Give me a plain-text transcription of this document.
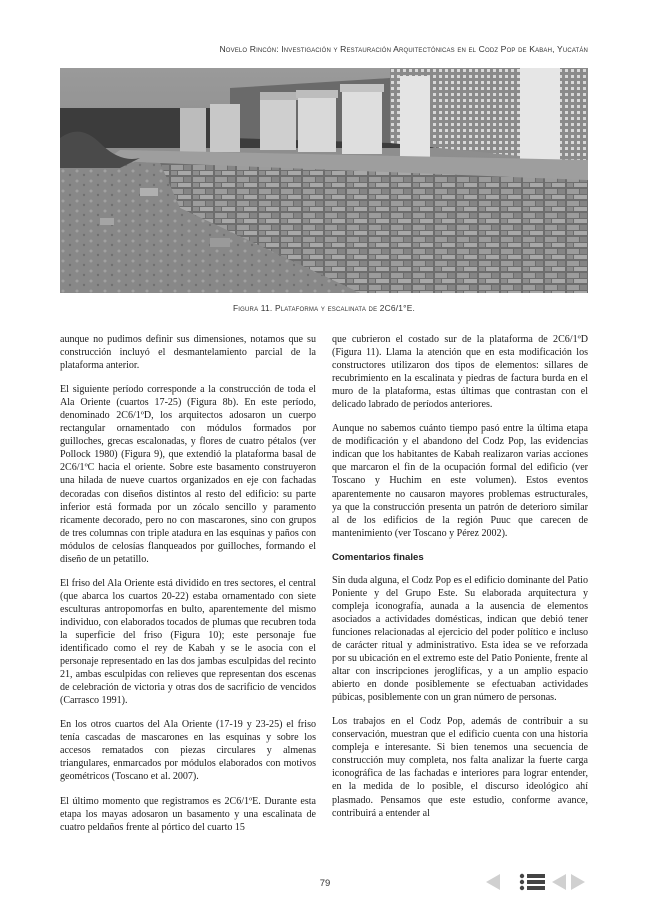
Novelo Rincón: Investigación y Restauración Arquitectónicas en el Codz Pop de Kabah, Yucatán
Figura 11. Plataforma y escalinata de 2C6/1°E.

aunque no pudimos definir sus dimensiones, notamos que su construcción incluyó el desmantelamiento parcial de la plataforma anterior.

El siguiente período corresponde a la construcción de toda el Ala Oriente (cuartos 17-25) (Figura 8b). En este período, denominado 2C6/1ºD, los arquitectos adosaron un cuerpo rectangular ornamentado con módulos formados por guilloches, grecas escalonadas, y flores de cuatro pétalos (ver Pollock 1980) (Figura 9), que extendió la plataforma basal de 2C6/1ºC hacia el oriente. Sobre este basamento construyeron una hilada de nueve cuartos organizados en eje con fachadas decoradas con diseños distintos al resto del edificio: su parte inferior está formada por un zócalo sencillo y paramento ricamente decorado, pero no con mascarones, sino con grupos de tres columnas con triple atadura en las esquinas y paños con módulos de celosías flanqueados por guilloches, formando el diseño de un petatillo.

El friso del Ala Oriente está dividido en tres sectores, el central (que abarca los cuartos 20-22) estaba ornamentado con siete esculturas antropomorfas en bulto, aparentemente del mismo individuo, con elaborados tocados de plumas que recubren toda la superficie del friso (Figura 10); este personaje fue identificado como el rey de Kabah y se le asocia con el personaje representado en las dos jambas esculpidas del recinto 21, ambas esculpidas con relieves que representan dos escenas de celebración de victoria y otras dos de sacrificio de vencidos (Carrasco 1991).

En los otros cuartos del Ala Oriente (17-19 y 23-25) el friso tenía cascadas de mascarones en las esquinas y sobre los accesos rematados con piezas circulares y almenas triangulares, enmarcados por módulos elaborados con motivos geométricos (Toscano et al. 2007).

El último momento que registramos es 2C6/1ºE. Durante esta etapa los mayas adosaron un basamento y una escalinata de cuatro peldaños frente al pórtico del cuarto 15

que cubrieron el costado sur de la plataforma de 2C6/1ºD (Figura 11). Llama la atención que en esta modificación los constructores utilizaron dos tipos de elementos: sillares de recubrimiento en la escalinata y piedras de factura burda en el muro de la plataforma, estas últimas que contrastan con el delicado labrado de períodos anteriores.

Aunque no sabemos cuánto tiempo pasó entre la última etapa de modificación y el abandono del Codz Pop, las evidencias indican que los habitantes de Kabah realizaron varias acciones que marcaron el fin de la ocupación formal del edificio (ver Toscano y Huchim en este volumen). Estos eventos aparentemente no causaron mayores problemas estructurales, ya que la construcción presenta un patrón de deterioro similar al de los edificios de la región Puuc que carecen de mantenimiento (ver Toscano y Pérez 2002).

Comentarios finales

Sin duda alguna, el Codz Pop es el edificio dominante del Patio Poniente y del Grupo Este. Su elaborada arquitectura y compleja iconografía, aunada a la ausencia de elementos asociados a actividades domésticas, indican que debió tener funciones relacionadas al ejercicio del poder político e incluso de carácter ritual y administrativo. Esta idea se ve reforzada por su ubicación en el extremo este del Patio Poniente, frente al altar con inscripciones jeroglíficas, y a un amplio espacio abierto en donde posiblemente se efectuaban actividades púbicas, posiblemente con un gran número de personas.

Los trabajos en el Codz Pop, además de contribuir a su conservación, muestran que el edificio cuenta con una historia compleja e interesante. Si bien tenemos una secuencia de construcción muy completa, nos falta analizar la fuerte carga iconográfica de las fachadas e interiores para lograr entender, en la medida de lo posible, el discurso ideológico ahí plasmado. Pensamos que este estudio, conforme avance, contribuirá a entender al

79
